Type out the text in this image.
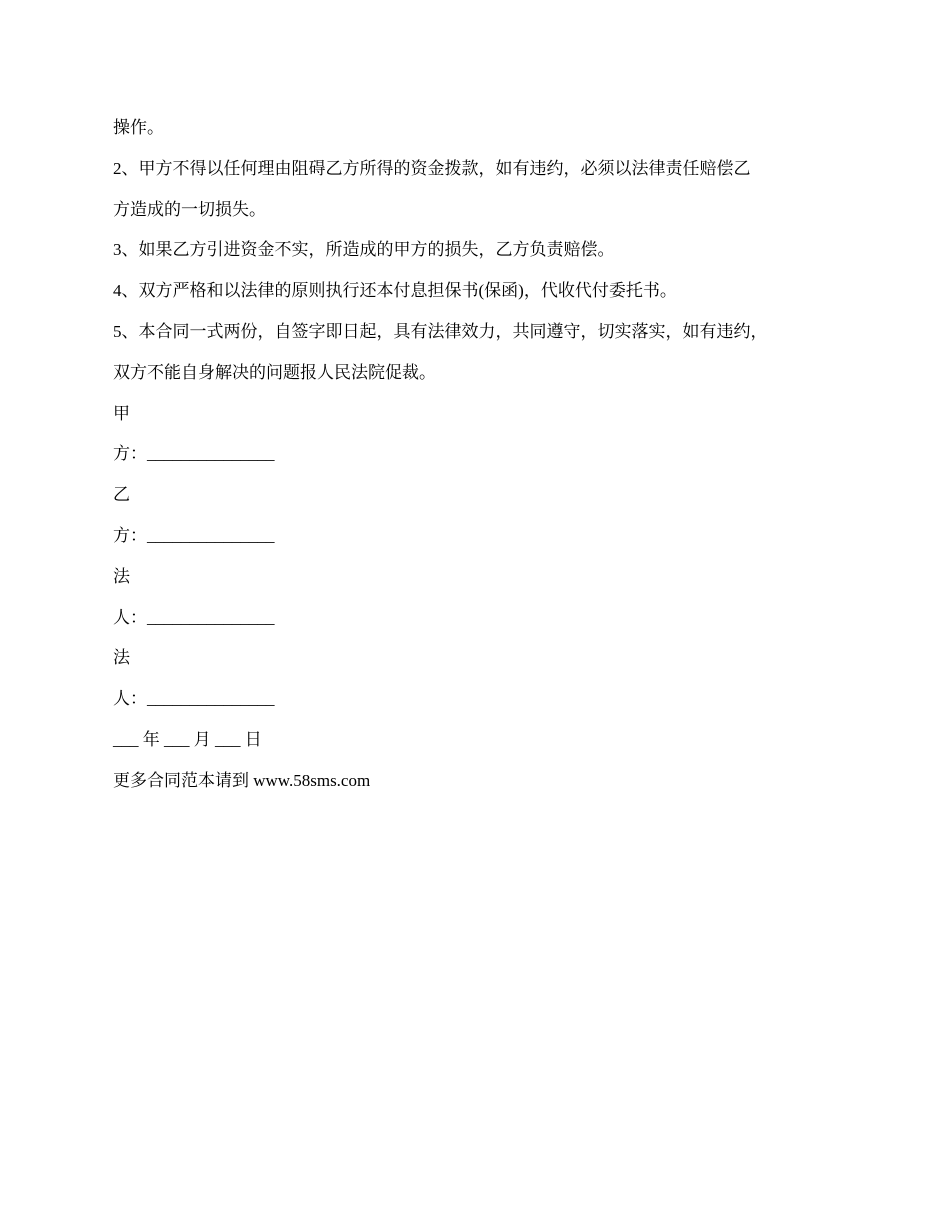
操作。
2、甲方不得以任何理由阻碍乙方所得的资金拨款，如有违约，必须以法律责任赔偿乙
方造成的一切损失。
3、如果乙方引进资金不实，所造成的甲方的损失，乙方负责赔偿。
4、双方严格和以法律的原则执行还本付息担保书(保函)，代收代付委托书。
5、本合同一式两份，自签字即日起，具有法律效力，共同遵守，切实落实，如有违约，
双方不能自身解决的问题报人民法院促裁。
甲
方：_______________
乙
方：_______________
法
人：_______________
法
人：_______________
___ 年 ___ 月 ___ 日
更多合同范本请到 www.58sms.com
